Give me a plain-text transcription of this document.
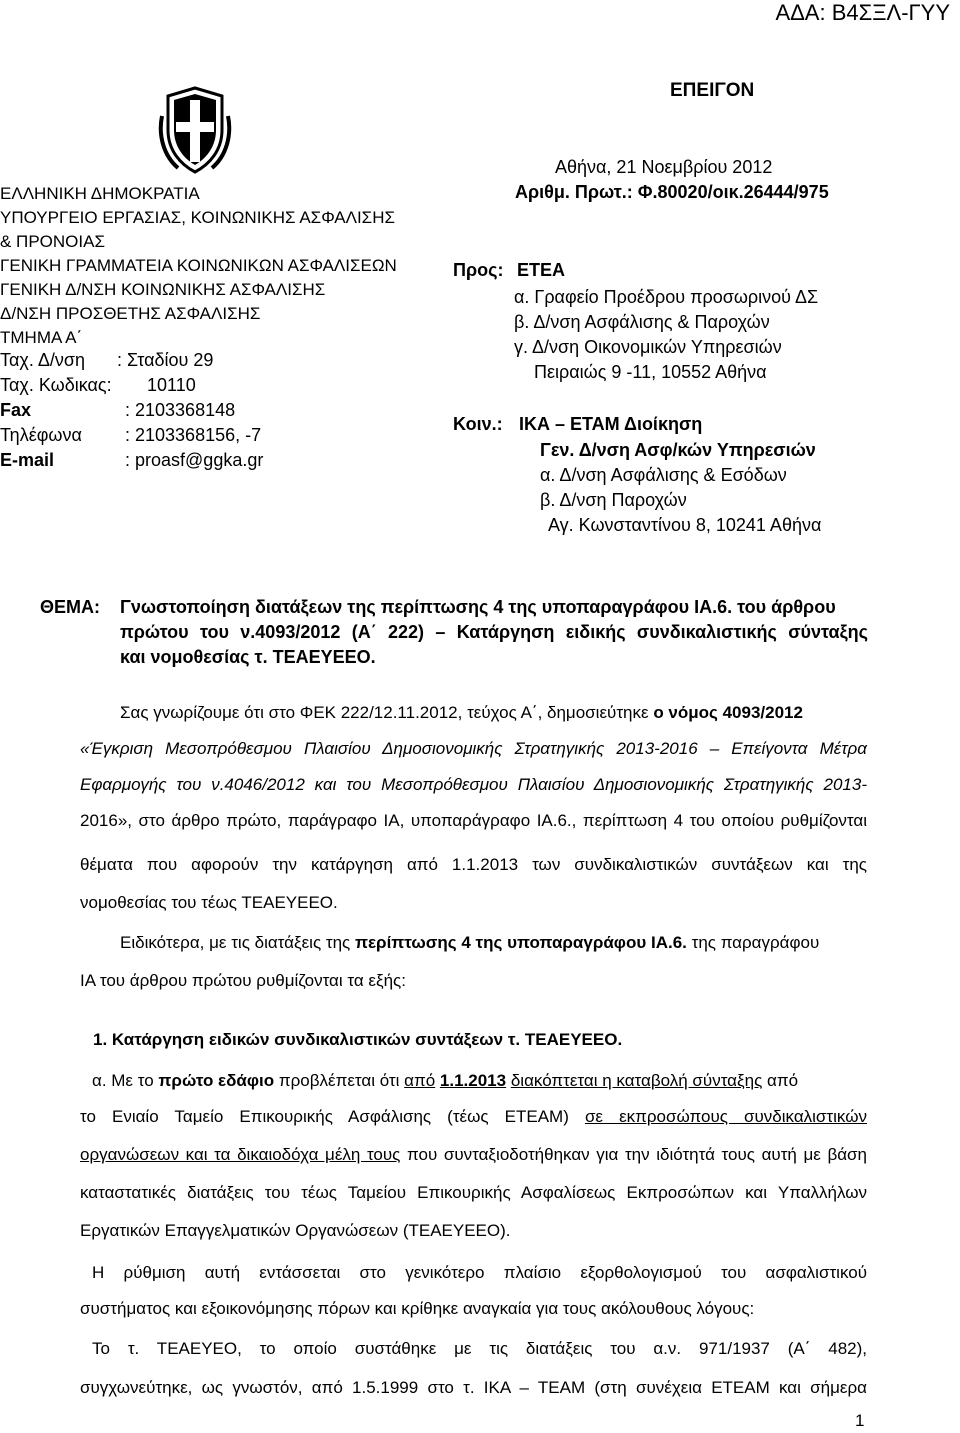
ΑΔΑ: Β4ΣΞΛ-ΓΥΥ
ΕΠΕΙΓΟΝ
ΕΛΛΗΝΙΚΗ ΔΗΜΟΚΡΑΤΙΑ
ΥΠΟΥΡΓΕΙΟ ΕΡΓΑΣΙΑΣ, ΚΟΙΝΩΝΙΚΗΣ ΑΣΦΑΛΙΣΗΣ
& ΠΡΟΝΟΙΑΣ
ΓΕΝΙΚΗ ΓΡΑΜΜΑΤΕΙΑ ΚΟΙΝΩΝΙΚΩΝ ΑΣΦΑΛΙΣΕΩΝ
ΓΕΝΙΚΗ Δ/ΝΣΗ ΚΟΙΝΩΝΙΚΗΣ ΑΣΦΑΛΙΣΗΣ
Δ/ΝΣΗ ΠΡΟΣΘΕΤΗΣ ΑΣΦΑΛΙΣΗΣ
ΤΜΗΜΑ Α΄
Ταχ. Δ/νση : Σταδίου 29
Ταχ. Κωδικας: 10110
Fax	: 2103368148
Τηλέφωνα : 2103368156, -7
E-mail	: proasf@ggka.gr
Αθήνα, 21 Νοεμβρίου 2012
Αριθμ. Πρωτ.: Φ.80020/οικ.26444/975
Προς: ΕΤΕΑ
α. Γραφείο Προέδρου προσωρινού ΔΣ
β. Δ/νση Ασφάλισης & Παροχών
γ. Δ/νση Οικονομικών Υπηρεσιών
Πειραιώς 9 -11, 10552 Αθήνα
Κοιν.: ΙΚΑ – ΕΤΑΜ Διοίκηση
Γεν. Δ/νση Ασφ/κών Υπηρεσιών
α. Δ/νση Ασφάλισης & Εσόδων
β. Δ/νση Παροχών
Αγ. Κωνσταντίνου 8, 10241 Αθήνα
ΘΕΜΑ: Γνωστοποίηση διατάξεων της περίπτωσης 4 της υποπαραγράφου ΙΑ.6. του άρθρου
πρώτου του ν.4093/2012 (Α΄ 222) – Κατάργηση ειδικής συνδικαλιστικής σύνταξης
και νομοθεσίας τ. ΤΕΑΕΥΕΕΟ.
Σας γνωρίζουμε ότι στο ΦΕΚ 222/12.11.2012, τεύχος Α΄, δημοσιεύτηκε ο νόμος 4093/2012
«Έγκριση Μεσοπρόθεσμου Πλαισίου Δημοσιονομικής Στρατηγικής 2013-2016 – Επείγοντα Μέτρα
Εφαρμογής του ν.4046/2012 και του Μεσοπρόθεσμου Πλαισίου Δημοσιονομικής Στρατηγικής 2013-
2016», στο άρθρο πρώτο, παράγραφο ΙΑ, υποπαράγραφο ΙΑ.6., περίπτωση 4 του οποίου ρυθμίζονται
θέματα που αφορούν την κατάργηση από 1.1.2013 των συνδικαλιστικών συντάξεων και της
νομοθεσίας του τέως ΤΕΑΕΥΕΕΟ.
Ειδικότερα, με τις διατάξεις της περίπτωσης 4 της υποπαραγράφου ΙΑ.6. της παραγράφου
ΙΑ του άρθρου πρώτου ρυθμίζονται τα εξής:
1. Κατάργηση ειδικών συνδικαλιστικών συντάξεων τ. ΤΕΑΕΥΕΕΟ.
α. Με το πρώτο εδάφιο προβλέπεται ότι από 1.1.2013 διακόπτεται η καταβολή σύνταξης από
το Ενιαίο Ταμείο Επικουρικής Ασφάλισης (τέως ΕΤΕΑΜ) σε εκπροσώπους συνδικαλιστικών
οργανώσεων και τα δικαιοδόχα μέλη τους που συνταξιοδοτήθηκαν για την ιδιότητά τους αυτή με βάση
καταστατικές διατάξεις του τέως Ταμείου Επικουρικής Ασφαλίσεως Εκπροσώπων και Υπαλλήλων
Εργατικών Επαγγελματικών Οργανώσεων (ΤΕΑΕΥΕΕΟ).
Η ρύθμιση αυτή εντάσσεται στο γενικότερο πλαίσιο εξορθολογισμού του ασφαλιστικού
συστήματος και εξοικονόμησης πόρων και κρίθηκε αναγκαία για τους ακόλουθους λόγους:
Το τ. ΤΕΑΕΥΕΟ, το οποίο συστάθηκε με τις διατάξεις του α.ν. 971/1937 (Α΄ 482),
συγχωνεύτηκε, ως γνωστόν, από 1.5.1999 στο τ. ΙΚΑ – ΤΕΑΜ (στη συνέχεια ΕΤΕΑΜ και σήμερα
1
